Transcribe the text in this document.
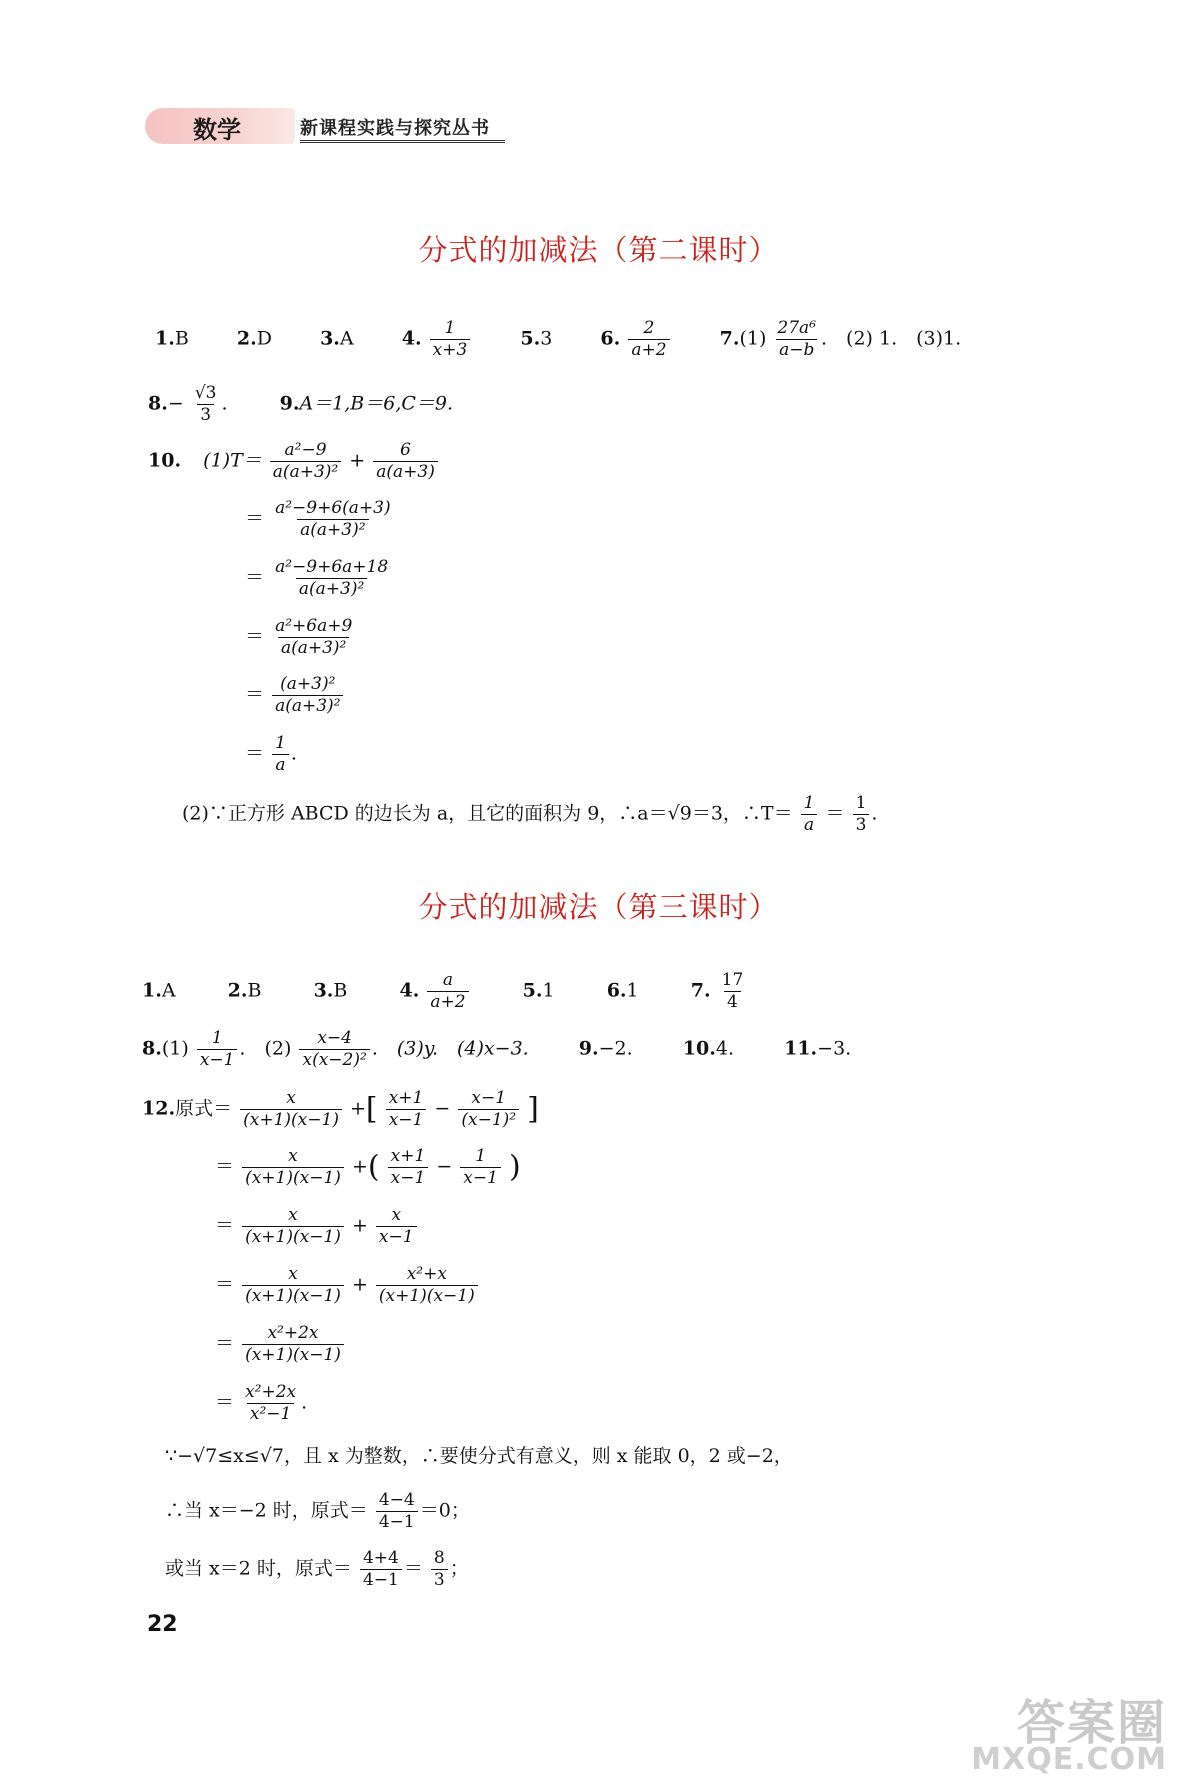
数学	新课程实践与探究丛书
分式的加减法（第二课时）
1.B	2.D	3.A	4. $\frac{1}{x+3}$	5.3	6. $\frac{2}{a+2}$	$7.(1) \frac{\text{27a⁶}}{a-b}$ .　(2) 1.　(3)1.
$8.- \frac{√3}{3}$ .	9.A＝1,B＝6,C＝9.
10. $(1)T= \frac{\text{a²−9}}{\text{a(a+3)²}} + \frac{6}{a(a+3)}$
＝ $\frac{\text{a²−9+6(a+3)}}{\text{a(a+3)²}}$
＝ $\frac{\text{a²−9+6a+18}}{\text{a(a+3)²}}$
＝ $\frac{\text{a²+6a+9}}{\text{a(a+3)²}}$
＝ $\frac{\text{(a+3)²}}{\text{a(a+3)²}}$
＝ $\frac{1}{a}$ .
(2)∵正方形 ABCD 的边长为 a，且它的面积为 9，∴a＝√9＝3，∴T＝ $\frac{1}{a} = \frac{1}{3}$ .
分式的加减法（第三课时）
1.A	2.B	3.B	4. $\frac{a}{a+2}$	5.1	6.1	7. $\frac{17}{4}$
$8.(1) \frac{1}{x-1}$ .　$(2) \frac{x-4}{\text{x(x−2)²}}$ .　(3)y.　(4)x−3.	9.−2.	10.4.	11.−3.
12.原式＝ $\frac{x}{(x+1)(x-1)}$ +[ $\frac{x+1}{x-1} - \frac{x-1}{\text{(x−1)²}}$ ]
＝ $\frac{x}{(x+1)(x-1)}$ +( $\frac{x+1}{x-1} - \frac{1}{x-1}$ )
＝ $\frac{x}{(x+1)(x-1)} + \frac{x}{x-1}$
＝ $\frac{x}{(x+1)(x-1)} + \frac{\text{x²+x}}{(x+1)(x-1)}$
＝ $\frac{\text{x²+2x}}{(x+1)(x-1)}$
＝ $\frac{\text{x²+2x}}{\text{x²−1}}$ .
∵−√7≤x≤√7，且 x 为整数，∴要使分式有意义，则 x 能取 0，2 或−2，
∴当 x＝−2 时，原式＝ $\frac{4-4}{4-1} =0$；
或当 x＝2 时，原式＝ $\frac{4+4}{4-1} = \frac{8}{3}$ ；
22
答案圈
MXQE.COM
